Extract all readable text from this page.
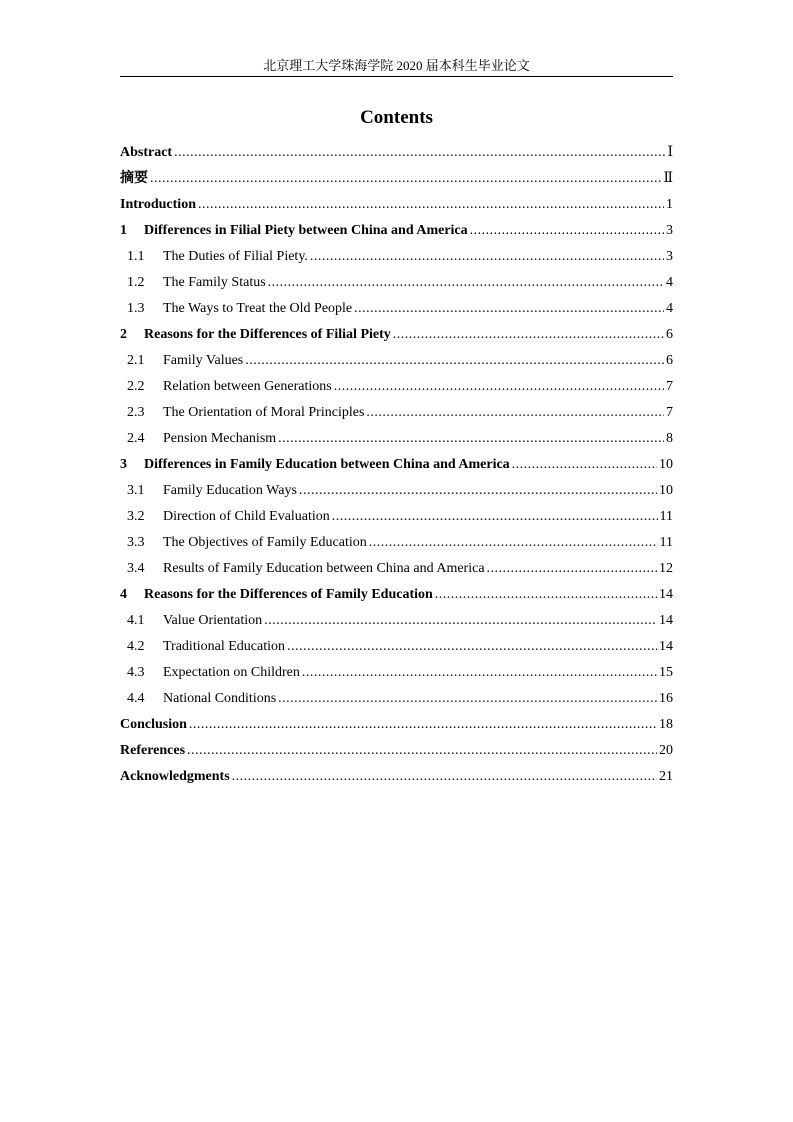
北京理工大学珠海学院 2020 届本科生毕业论文
Contents
Abstract .....	Ⅰ
摘要 .....	Ⅱ
Introduction .....	1
1	Differences in Filial Piety between China and America .....	3
1.1	The Duties of Filial Piety. .....	3
1.2	The Family Status .....	4
1.3	The Ways to Treat the Old People .....	4
2	Reasons for the Differences of Filial Piety .....	6
2.1	Family Values .....	6
2.2	Relation between Generations .....	7
2.3	The Orientation of Moral Principles .....	7
2.4	Pension Mechanism .....	8
3	Differences in Family Education between China and America .....	10
3.1	Family Education Ways .....	10
3.2	Direction of Child Evaluation .....	11
3.3	The Objectives of Family Education .....	11
3.4	Results of Family Education between China and America .....	12
4	Reasons for the Differences of Family Education .....	14
4.1	Value Orientation .....	14
4.2	Traditional Education .....	14
4.3	Expectation on Children .....	15
4.4	National Conditions .....	16
Conclusion .....	18
References .....	20
Acknowledgments .....	21
